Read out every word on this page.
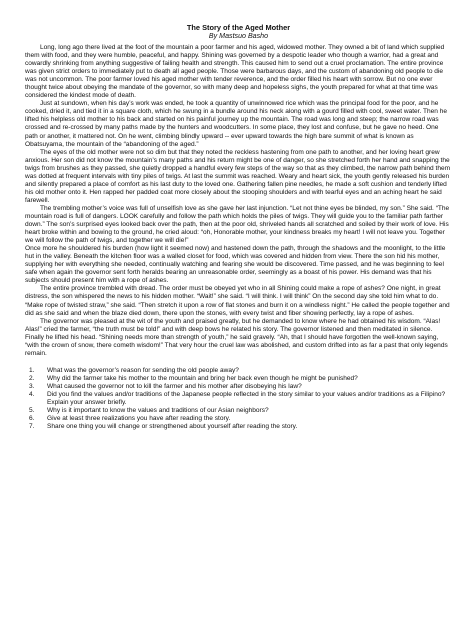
The Story of the Aged Mother

By Mastsuo Basho

Long, long ago there lived at the foot of the mountain a poor farmer and his aged, widowed mother. They owned a bit of land which supplied them with food, and they were humble, peaceful, and happy. Shining was governed by a despotic leader who though a warrior, had a great and cowardly shrinking from anything suggestive of failing health and strength. This caused him to send out a cruel proclamation. The entire province was given strict orders to immediately put to death all aged people. Those were barbarous days, and the custom of abandoning old people to die was not uncommon. The poor farmer loved his aged mother with tender reverence, and the order filled his heart with sorrow. But no one ever thought twice about obeying the mandate of the governor, so with many deep and hopeless sighs, the youth prepared for what at that time was considered the kindest mode of death.

Just at sundown, when his day’s work was ended, he took a quantity of unwinnowed rice which was the principal food for the poor, and he cooked, dried it, and tied it in a square cloth, which he swung in a bundle around his neck along with a gourd filled with cool, sweet water. Then he lifted his helpless old mother to his back and started on his painful journey up the mountain. The road was long and steep; the narrow road was crossed and re-crossed by many paths made by the hunters and woodcutters. In some place, they lost and confuse, but he gave no heed. One path or another, it mattered not. On he went, climbing blindly upward -- ever upward towards the high bare summit of what is known as Obatsuyama, the mountain of the “abandoning of the aged.”

The eyes of the old mother were not so dim but that they noted the reckless hastening from one path to another, and her loving heart grew anxious. Her son did not know the mountain’s many paths and his return might be one of danger, so she stretched forth her hand and snapping the twigs from brushes as they passed, she quietly dropped a handful every few steps of the way so that as they climbed, the narrow path behind them was dotted at frequent intervals with tiny piles of twigs. At last the summit was reached. Weary and heart sick, the youth gently released his burden and silently prepared a place of comfort as his last duty to the loved one. Gathering fallen pine needles, he made a soft cushion and tenderly lifted his old mother onto it. Hen rapped her padded coat more closely about the stooping shoulders and with tearful eyes and an aching heart he said farewell.

The trembling mother’s voice was full of unselfish love as she gave her last injunction. “Let not thine eyes be blinded, my son.” She said. “The mountain road is full of dangers. LOOK carefully and follow the path which holds the piles of twigs. They will guide you to the familiar path farther down.” The son’s surprised eyes looked back over the path, then at the poor old, shriveled hands all scratched and soiled by their work of love. His heart broke within and bowing to the ground, he cried aloud: “oh, Honorable mother, your kindness breaks my heart! I will not leave you. Together we will follow the path of twigs, and together we will die!”

Once more he shouldered his burden (how light it seemed now) and hastened down the path, through the shadows and the moonlight, to the little hut in the valley. Beneath the kitchen floor was a walled closet for food, which was covered and hidden from view. There the son hid his mother, supplying her with everything she needed, continually watching and fearing she would be discovered. Time passed, and he was beginning to feel safe when again the governor sent forth heralds bearing an unreasonable order, seemingly as a boast of his power. His demand was that his subjects should present him with a rope of ashes.

The entire province trembled with dread. The order must be obeyed yet who in all Shining could make a rope of ashes? One night, in great distress, the son whispered the news to his hidden mother. “Wait!” she said. “I will think. I will think” On the second day she told him what to do. “Make rope of twisted straw,” she said. “Then stretch it upon a row of flat stones and burn it on a windless night.” He called the people together and did as she said and when the blaze died down, there upon the stones, with every twist and fiber showing perfectly, lay a rope of ashes.

The governor was pleased at the wit of the youth and praised greatly, but he demanded to know where he had obtained his wisdom. “Alas! Alas!” cried the farmer, “the truth must be told!” and with deep bows he related his story. The governor listened and then meditated in silence. Finally he lifted his head. “Shining needs more than strength of youth,” he said gravely. “Ah, that I should have forgotten the well-known saying, “with the crown of snow, there cometh wisdom!” That very hour the cruel law was abolished, and custom drifted into as far a past that only legends remain.

1.	What was the governor’s reason for sending the old people away?
2.	Why did the farmer take his mother to the mountain and bring her back even though he might be punished?
3.	What caused the governor not to kill the farmer and his mother after disobeying his law?
4.	Did you find the values and/or traditions of the Japanese people reflected in the story similar to your values and/or traditions as a Filipino? Explain your answer briefly.
5.	Why is it important to know the values and traditions of our Asian neighbors?
6.	Give at least three realizations you have after reading the story.
7.	Share one thing you will change or strengthened about yourself after reading the story.
